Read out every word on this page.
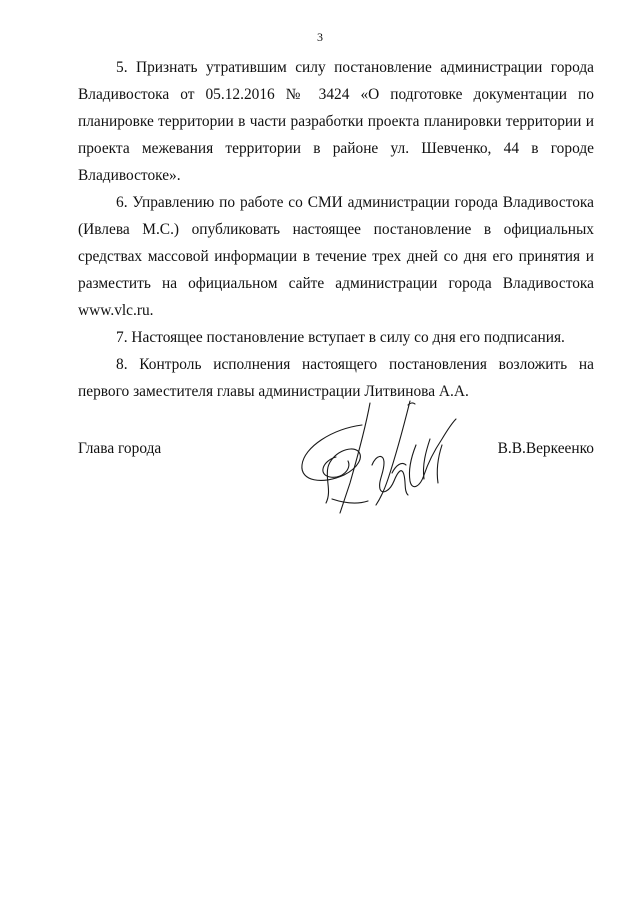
3

5. Признать утратившим силу постановление администрации города Владивостока от 05.12.2016 № 3424 «О подготовке документации по планировке территории в части разработки проекта планировки территории и проекта межевания территории в районе ул. Шевченко, 44 в городе Владивостоке».

6. Управлению по работе со СМИ администрации города Владивостока (Ивлева М.С.) опубликовать настоящее постановление в официальных средствах массовой информации в течение трех дней со дня его принятия и разместить на официальном сайте администрации города Владивостока www.vlc.ru.

7. Настоящее постановление вступает в силу со дня его подписания.

8. Контроль исполнения настоящего постановления возложить на первого заместителя главы администрации Литвинова А.А.

Глава города	В.В.Веркеенко
